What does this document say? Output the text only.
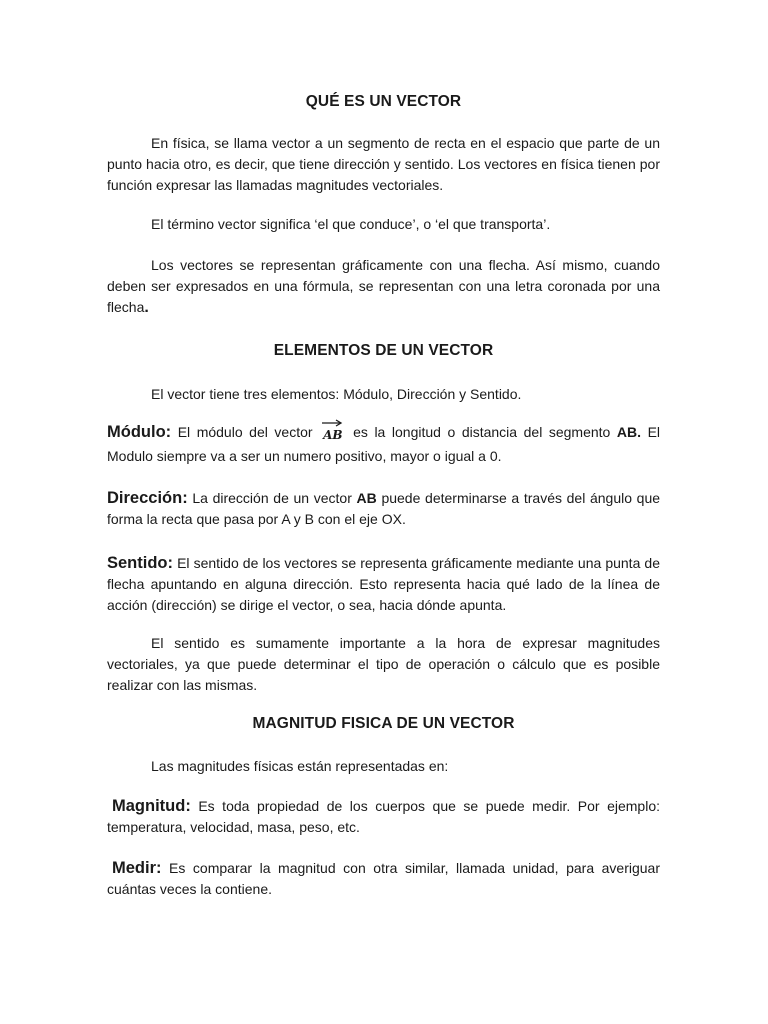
QUÉ ES UN VECTOR

En física, se llama vector a un segmento de recta en el espacio que parte de un punto hacia otro, es decir, que tiene dirección y sentido. Los vectores en física tienen por función expresar las llamadas magnitudes vectoriales.

El término vector significa ‘el que conduce’, o ‘el que transporta’.

Los vectores se representan gráficamente con una flecha. Así mismo, cuando deben ser expresados en una fórmula, se representan con una letra coronada por una flecha.

ELEMENTOS DE UN VECTOR

El vector tiene tres elementos: Módulo, Dirección y Sentido.

Módulo: El módulo del vector AB es la longitud o distancia del segmento AB. El Modulo siempre va a ser un numero positivo, mayor o igual a 0.

Dirección: La dirección de un vector AB puede determinarse a través del ángulo que forma la recta que pasa por A y B con el eje OX.

Sentido: El sentido de los vectores se representa gráficamente mediante una punta de flecha apuntando en alguna dirección. Esto representa hacia qué lado de la línea de acción (dirección) se dirige el vector, o sea, hacia dónde apunta.

El sentido es sumamente importante a la hora de expresar magnitudes vectoriales, ya que puede determinar el tipo de operación o cálculo que es posible realizar con las mismas.

MAGNITUD FISICA DE UN VECTOR

Las magnitudes físicas están representadas en:

Magnitud: Es toda propiedad de los cuerpos que se puede medir. Por ejemplo: temperatura, velocidad, masa, peso, etc.

Medir: Es comparar la magnitud con otra similar, llamada unidad, para averiguar cuántas veces la contiene.
